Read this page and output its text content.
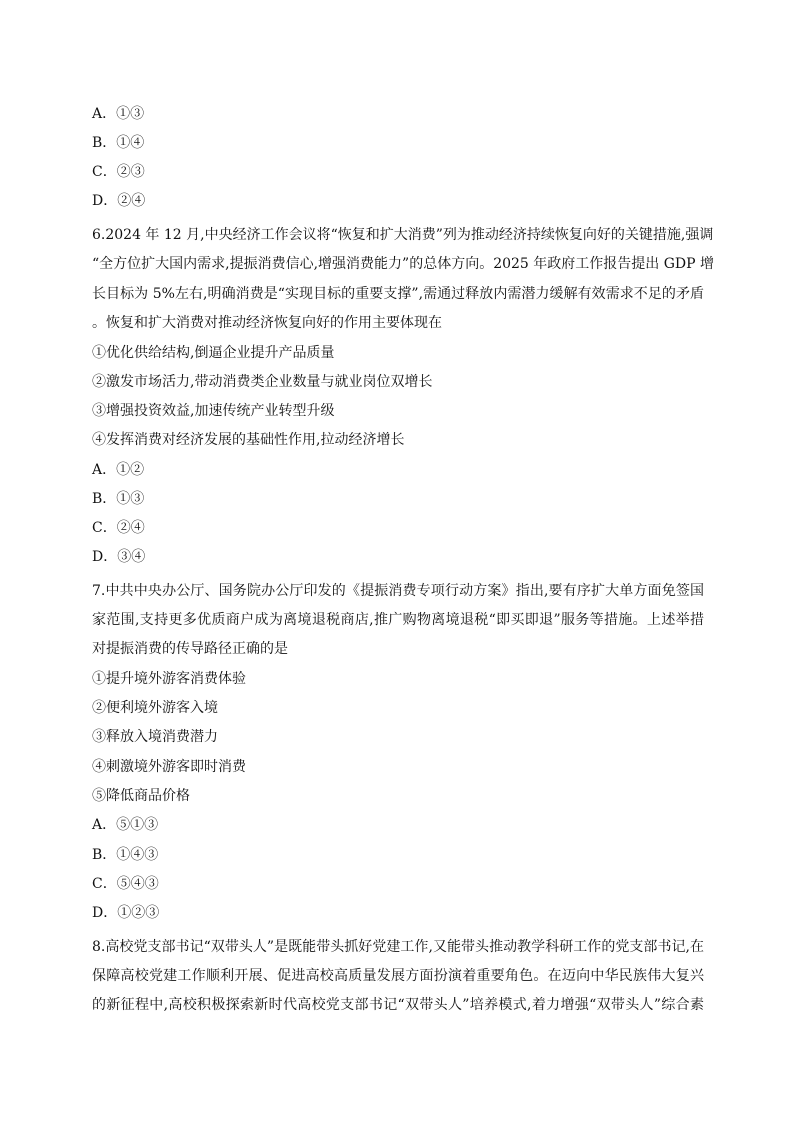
A．①③
B．①④
C．②③
D．②④
6.2024 年 12 月,中央经济工作会议将“恢复和扩大消费”列为推动经济持续恢复向好的关键措施,强调
“全方位扩大国内需求,提振消费信心,增强消费能力”的总体方向。2025 年政府工作报告提出 GDP 增
长目标为 5%左右,明确消费是“实现目标的重要支撑”,需通过释放内需潜力缓解有效需求不足的矛盾
。恢复和扩大消费对推动经济恢复向好的作用主要体现在
①优化供给结构,倒逼企业提升产品质量
②激发市场活力,带动消费类企业数量与就业岗位双增长
③增强投资效益,加速传统产业转型升级
④发挥消费对经济发展的基础性作用,拉动经济增长
A．①②
B．①③
C．②④
D．③④
7.中共中央办公厅、国务院办公厅印发的《提振消费专项行动方案》指出,要有序扩大单方面免签国
家范围,支持更多优质商户成为离境退税商店,推广购物离境退税“即买即退”服务等措施。上述举措
对提振消费的传导路径正确的是
①提升境外游客消费体验
②便利境外游客入境
③释放入境消费潜力
④刺激境外游客即时消费
⑤降低商品价格
A．⑤①③
B．①④③
C．⑤④③
D．①②③
8.高校党支部书记“双带头人”是既能带头抓好党建工作,又能带头推动教学科研工作的党支部书记,在
保障高校党建工作顺利开展、促进高校高质量发展方面扮演着重要角色。在迈向中华民族伟大复兴
的新征程中,高校积极探索新时代高校党支部书记“双带头人”培养模式,着力增强“双带头人”综合素
